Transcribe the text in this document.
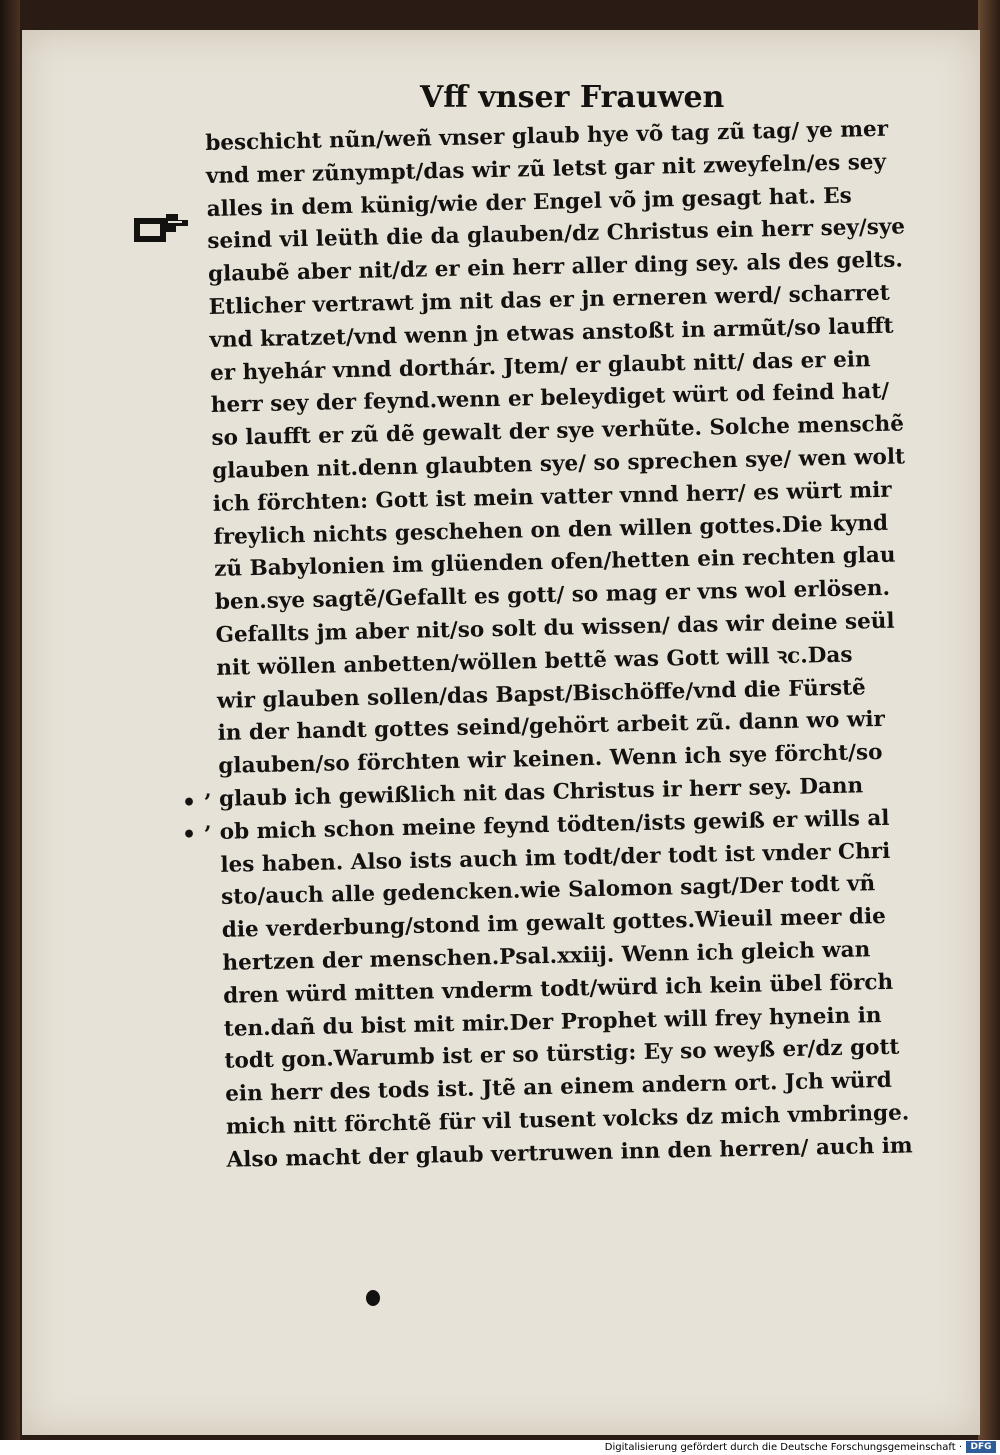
Vff vnser Frauwen
beschicht nũn/weñ vnser glaub hye võ tag zũ tag/ ye mer
vnd mer zũnympt/das wir zũ letst gar nit zweyfeln/es sey
alles in dem künig/wie der Engel võ jm gesagt hat. Es
seind vil leüth die da glauben/dz Christus ein herr sey/sye
glaubẽ aber nit/dz er ein herr aller ding sey. als des gelts.
Etlicher vertrawt jm nit das er jn erneren werd/ scharret
vnd kratzet/vnd wenn jn etwas anstoßt in armũt/so laufft
er hyehár vnnd dorthár. Jtem/ er glaubt nitt/ das er ein
herr sey der feynd.wenn er beleydiget würt od feind hat/
so laufft er zũ dẽ gewalt der sye verhũte. Solche menschẽ
glauben nit.denn glaubten sye/ so sprechen sye/ wen wolt
ich förchten: Gott ist mein vatter vnnd herr/ es würt mir
freylich nichts geschehen on den willen gottes.Die kynd
zũ Babylonien im glüenden ofen/hetten ein rechten glau
ben.sye sagtẽ/Gefallt es gott/ so mag er vns wol erlösen.
Gefallts jm aber nit/so solt du wissen/ das wir deine seül
nit wöllen anbetten/wöllen bettẽ was Gott will ꝛc.Das
wir glauben sollen/das Bapst/Bischöffe/vnd die Fürstẽ
in der handt gottes seind/gehört arbeit zũ. dann wo wir
glauben/so förchten wir keinen. Wenn ich sye förcht/so
glaub ich gewißlich nit das Christus ir herr sey. Dann
ob mich schon meine feynd tödten/ists gewiß er wills al
les haben. Also ists auch im todt/der todt ist vnder Chri
sto/auch alle gedencken.wie Salomon sagt/Der todt vñ
die verderbung/stond im gewalt gottes.Wieuil meer die
hertzen der menschen.Psal.xxiij. Wenn ich gleich wan
dren würd mitten vnderm todt/würd ich kein übel förch
ten.dañ du bist mit mir.Der Prophet will frey hynein in
todt gon.Warumb ist er so türstig: Ey so weyß er/dz gott
ein herr des tods ist. Jtẽ an einem andern ort. Jch würd
mich nitt förchtẽ für vil tusent volcks dz mich vmbringe.
Also macht der glaub vertruwen inn den herren/ auch im
• ’
• ’
Digitalisierung gefördert durch die Deutsche Forschungsgemeinschaft · DFG
